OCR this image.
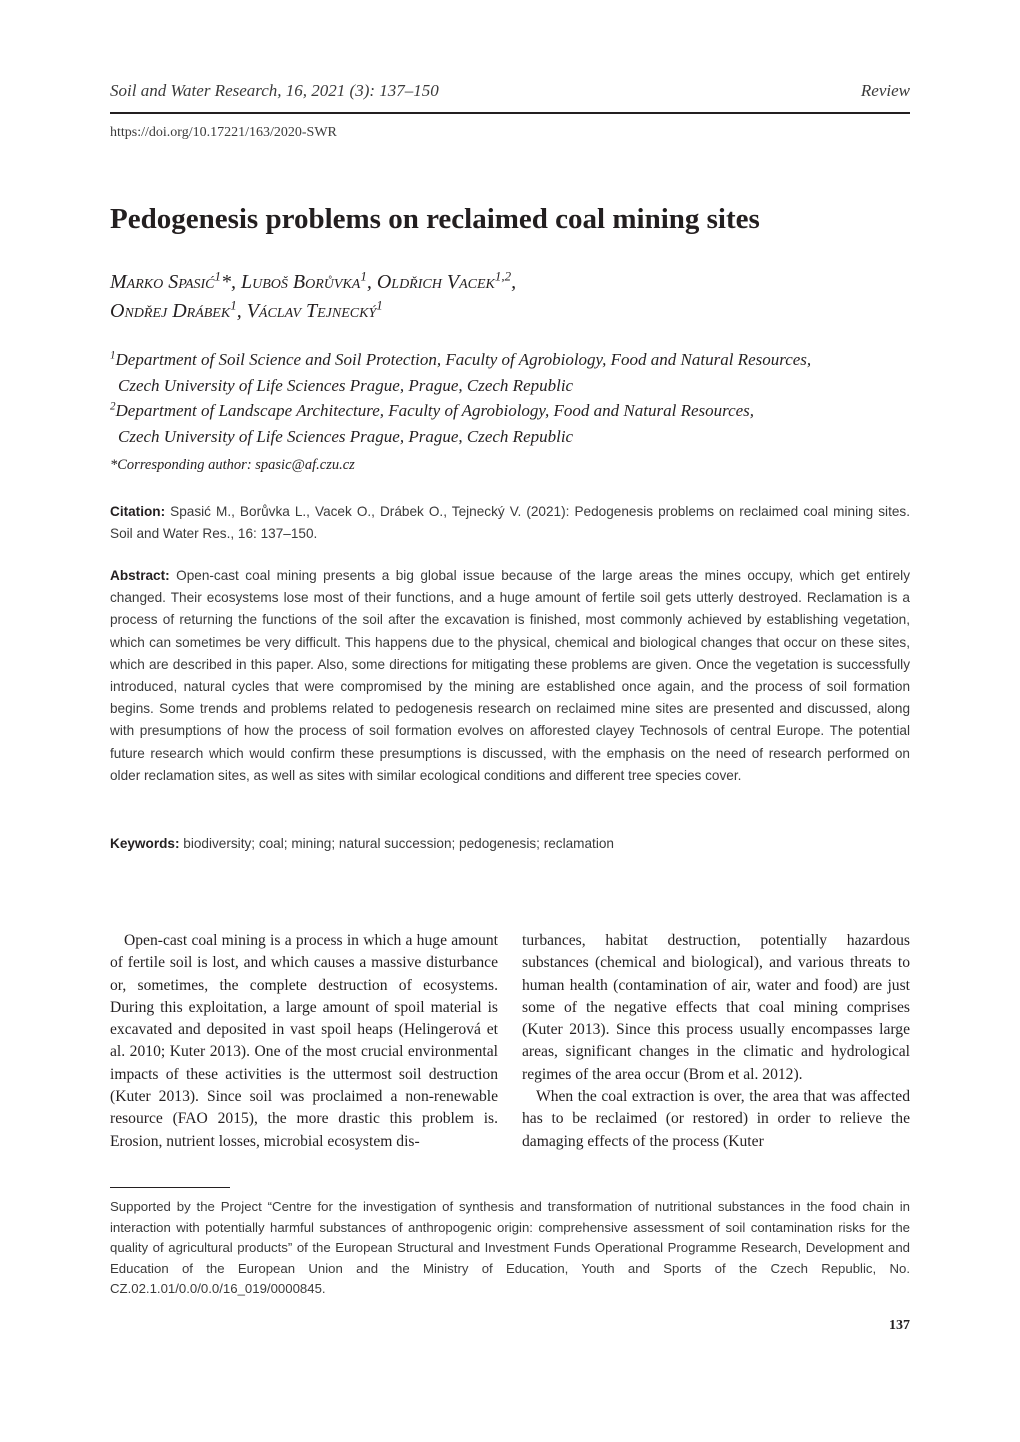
Soil and Water Research, 16, 2021 (3): 137–150	Review
https://doi.org/10.17221/163/2020-SWR
Pedogenesis problems on reclaimed coal mining sites
Marko Spasić$^1$*, Luboš Borůvka$^1$, Oldřich Vacek$^{1,2}$,
Ondřej Drábek$^1$, Václav Tejnecký$^1$
$^1$Department of Soil Science and Soil Protection, Faculty of Agrobiology, Food and Natural Resources,
Czech University of Life Sciences Prague, Prague, Czech Republic
$^2$Department of Landscape Architecture, Faculty of Agrobiology, Food and Natural Resources,
Czech University of Life Sciences Prague, Prague, Czech Republic
*Corresponding author: spasic@af.czu.cz
Citation: Spasić M., Borůvka L., Vacek O., Drábek O., Tejnecký V. (2021): Pedogenesis problems on reclaimed coal mining sites. Soil and Water Res., 16: 137–150.
Abstract: Open-cast coal mining presents a big global issue because of the large areas the mines occupy, which get entirely changed. Their ecosystems lose most of their functions, and a huge amount of fertile soil gets utterly destroyed. Reclamation is a process of returning the functions of the soil after the excavation is finished, most commonly achieved by establishing vegetation, which can sometimes be very difficult. This happens due to the physical, chemical and biological changes that occur on these sites, which are described in this paper. Also, some directions for mitigating these problems are given. Once the vegetation is successfully introduced, natural cycles that were compromised by the mining are established once again, and the process of soil formation begins. Some trends and problems related to pedogenesis research on reclaimed mine sites are presented and discussed, along with presumptions of how the process of soil formation evolves on afforested clayey Technosols of central Europe. The potential future research which would confirm these presumptions is discussed, with the emphasis on the need of research performed on older reclamation sites, as well as sites with similar ecological conditions and different tree species cover.
Keywords: biodiversity; coal; mining; natural succession; pedogenesis; reclamation

Open-cast coal mining is a process in which a huge amount of fertile soil is lost, and which causes a massive disturbance or, sometimes, the complete destruction of ecosystems. During this exploitation, a large amount of spoil material is excavated and deposited in vast spoil heaps (Helingerová et al. 2010; Kuter 2013). One of the most crucial environmental impacts of these activities is the uttermost soil destruction (Kuter 2013). Since soil was proclaimed a non-renewable resource (FAO 2015), the more drastic this problem is. Erosion, nutrient losses, microbial ecosystem dis-

turbances, habitat destruction, potentially hazardous substances (chemical and biological), and various threats to human health (contamination of air, water and food) are just some of the negative effects that coal mining comprises (Kuter 2013). Since this process usually encompasses large areas, significant changes in the climatic and hydrological regimes of the area occur (Brom et al. 2012).

When the coal extraction is over, the area that was affected has to be reclaimed (or restored) in order to relieve the damaging effects of the process (Kuter

Supported by the Project “Centre for the investigation of synthesis and transformation of nutritional substances in the food chain in interaction with potentially harmful substances of anthropogenic origin: comprehensive assessment of soil contamination risks for the quality of agricultural products” of the European Structural and Investment Funds Operational Programme Research, Development and Education of the European Union and the Ministry of Education, Youth and Sports of the Czech Republic, No. CZ.02.1.01/0.0/0.0/16_019/0000845.
137
